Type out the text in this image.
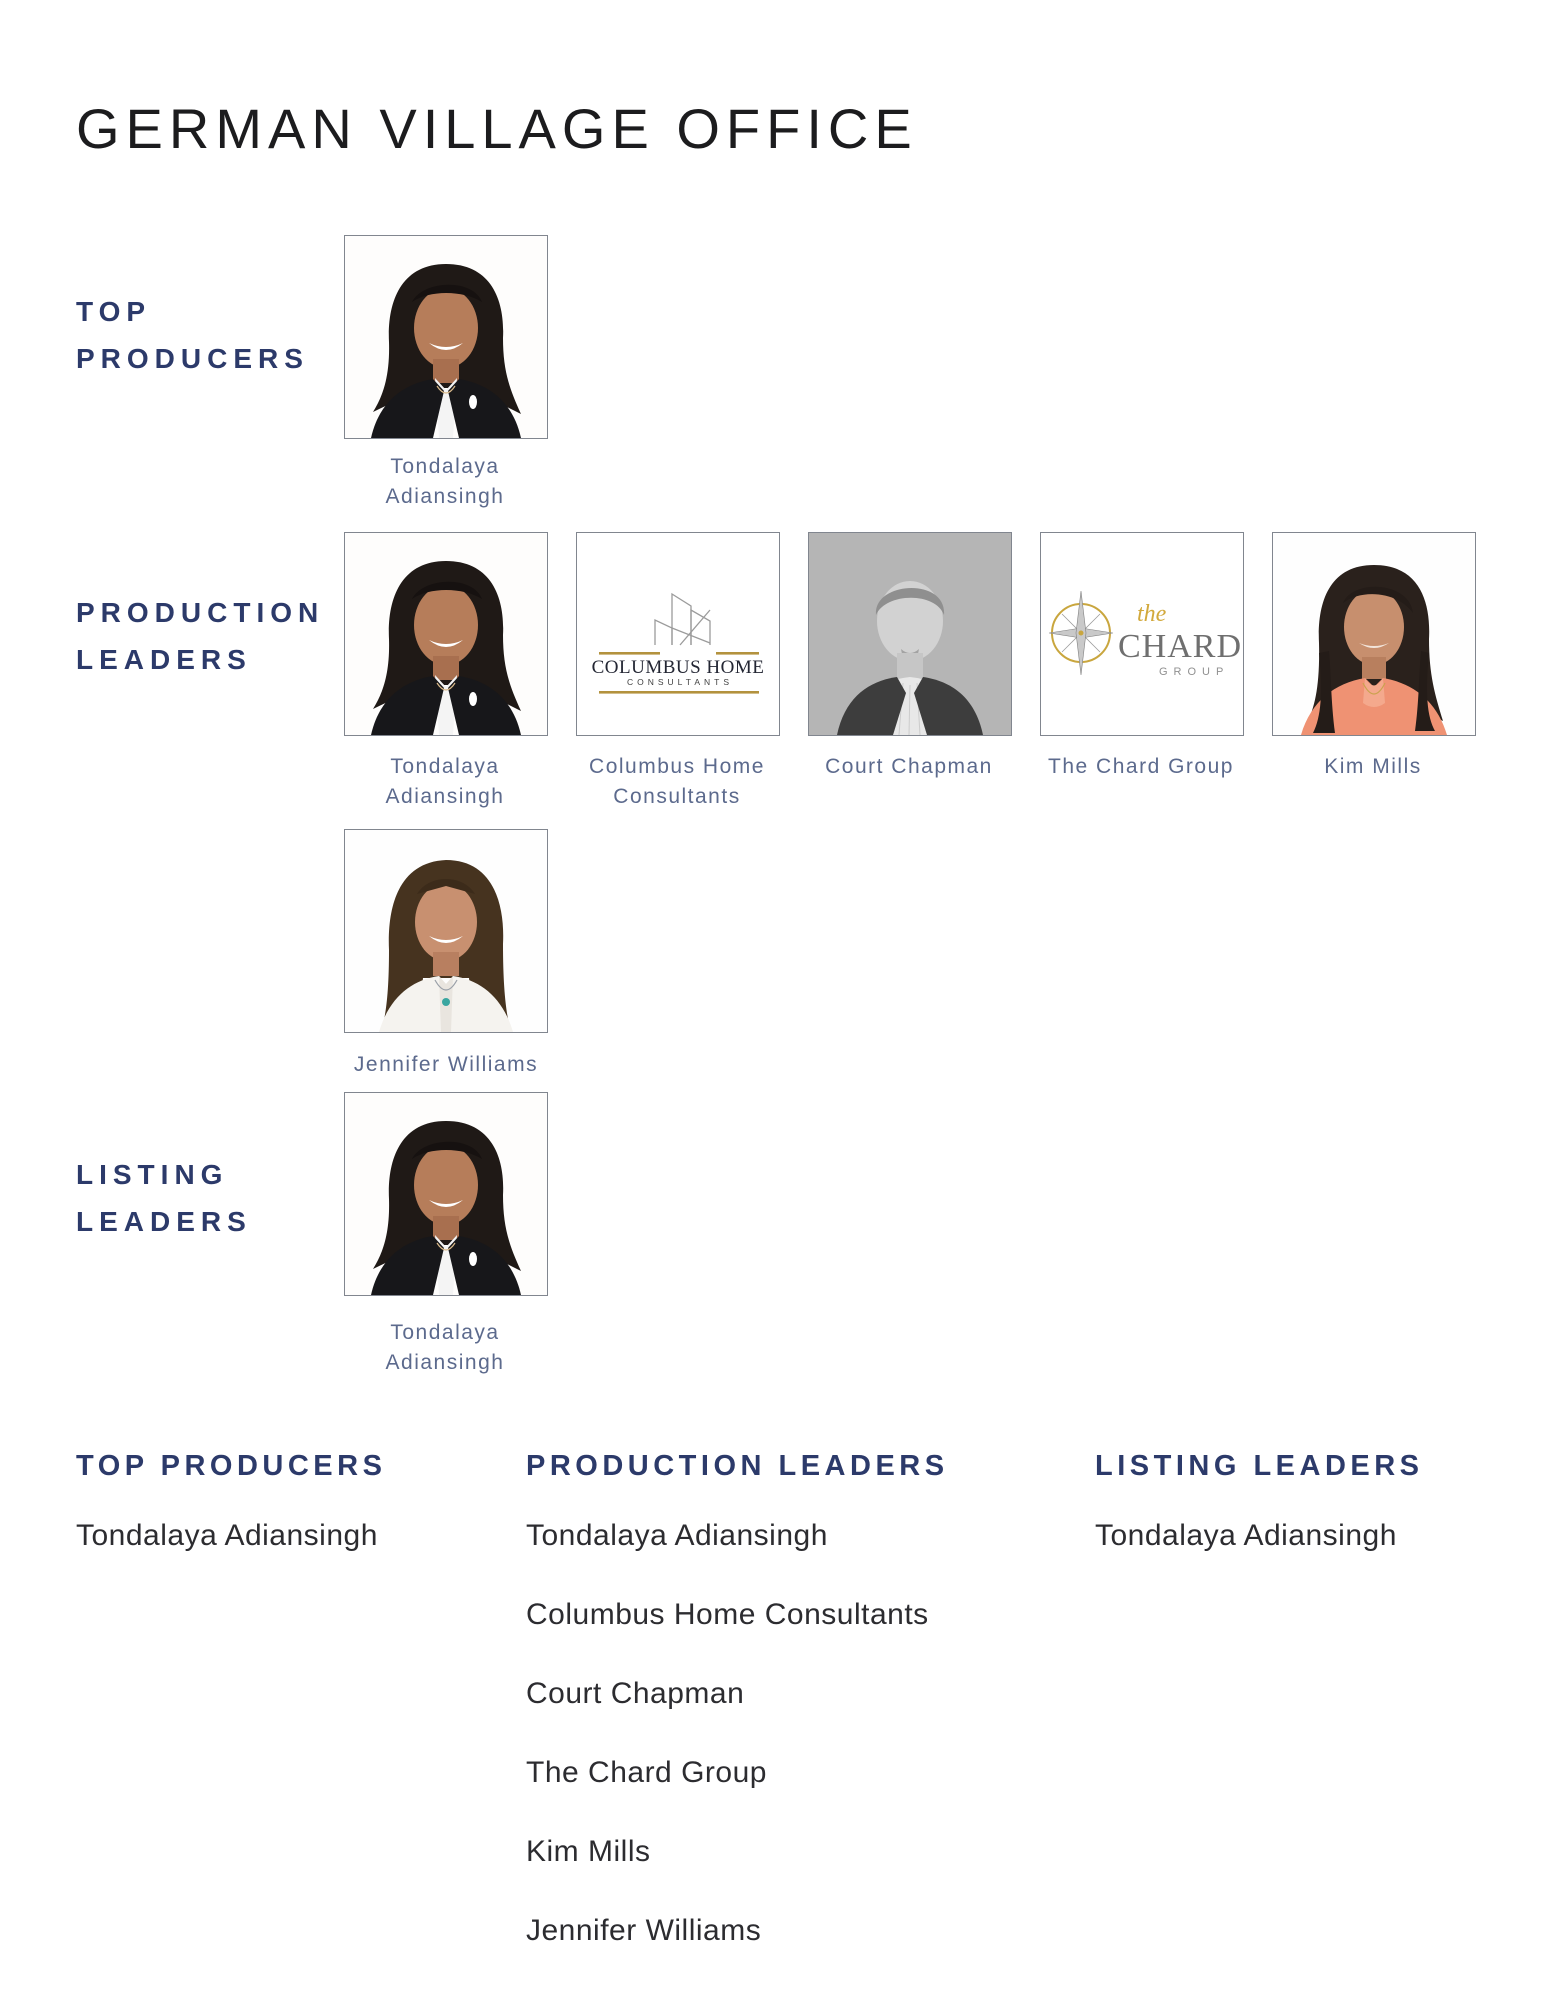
GERMAN VILLAGE OFFICE
TOP
PRODUCERS
Tondalaya Adiansingh
PRODUCTION
LEADERS
Tondalaya Adiansingh
COLUMBUS HOME
CONSULTANTS
Columbus Home Consultants
Court Chapman
the
CHARD
GROUP
The Chard Group	Kim Mills
Jennifer Williams
LISTING
LEADERS
Tondalaya Adiansingh
TOP PRODUCERS
Tondalaya Adiansingh
PRODUCTION LEADERS
Tondalaya Adiansingh
Columbus Home Consultants
Court Chapman
The Chard Group
Kim Mills
Jennifer Williams
LISTING LEADERS
Tondalaya Adiansingh
